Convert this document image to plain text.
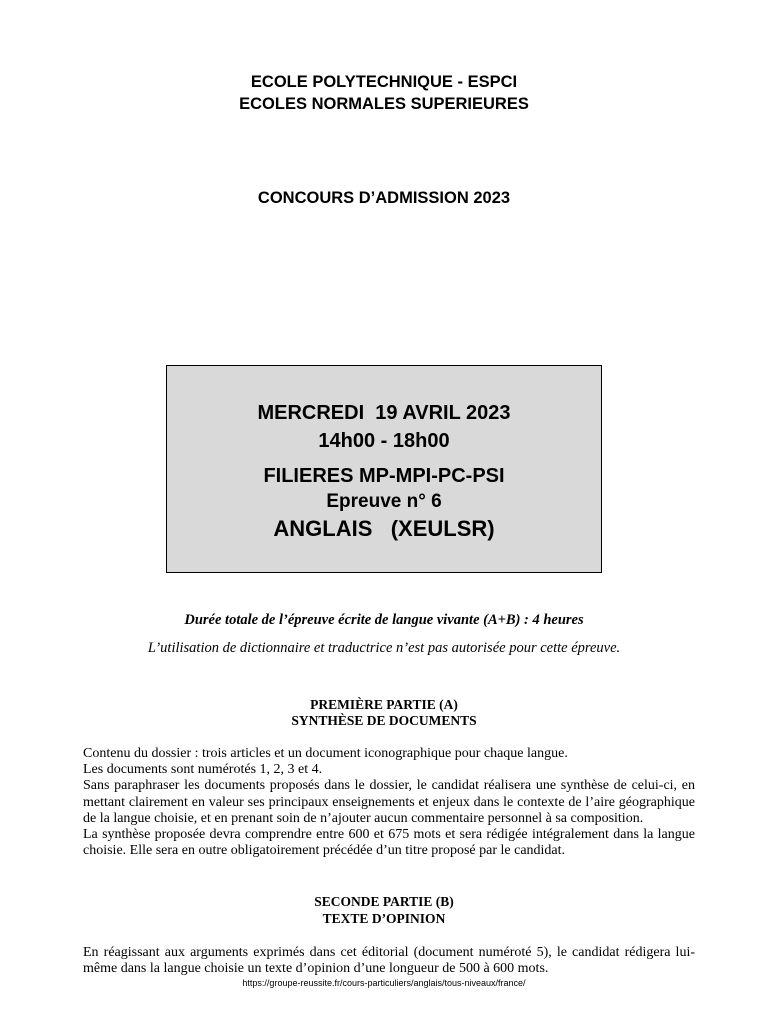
ECOLE POLYTECHNIQUE - ESPCI
ECOLES NORMALES SUPERIEURES
CONCOURS D’ADMISSION 2023
MERCREDI  19 AVRIL 2023
14h00 - 18h00
FILIERES MP-MPI-PC-PSI
Epreuve n° 6
ANGLAIS   (XEULSR)
Durée totale de l’épreuve écrite de langue vivante (A+B) : 4 heures
L’utilisation de dictionnaire et traductrice n’est pas autorisée pour cette épreuve.
PREMIÈRE PARTIE (A)
SYNTHÈSE DE DOCUMENTS
Contenu du dossier : trois articles et un document iconographique pour chaque langue.
Les documents sont numérotés 1, 2, 3 et 4.
Sans paraphraser les documents proposés dans le dossier, le candidat réalisera une synthèse de celui-ci, en mettant clairement en valeur ses principaux enseignements et enjeux dans le contexte de l’aire géographique de la langue choisie, et en prenant soin de n’ajouter aucun commentaire personnel à sa composition.
La synthèse proposée devra comprendre entre 600 et 675 mots et sera rédigée intégralement dans la langue choisie. Elle sera en outre obligatoirement précédée d’un titre proposé par le candidat.
SECONDE PARTIE (B)
TEXTE D’OPINION
En réagissant aux arguments exprimés dans cet éditorial (document numéroté 5), le candidat rédigera lui-même dans la langue choisie un texte d’opinion d’une longueur de 500 à 600 mots.
https://groupe-reussite.fr/cours-particuliers/anglais/tous-niveaux/france/
